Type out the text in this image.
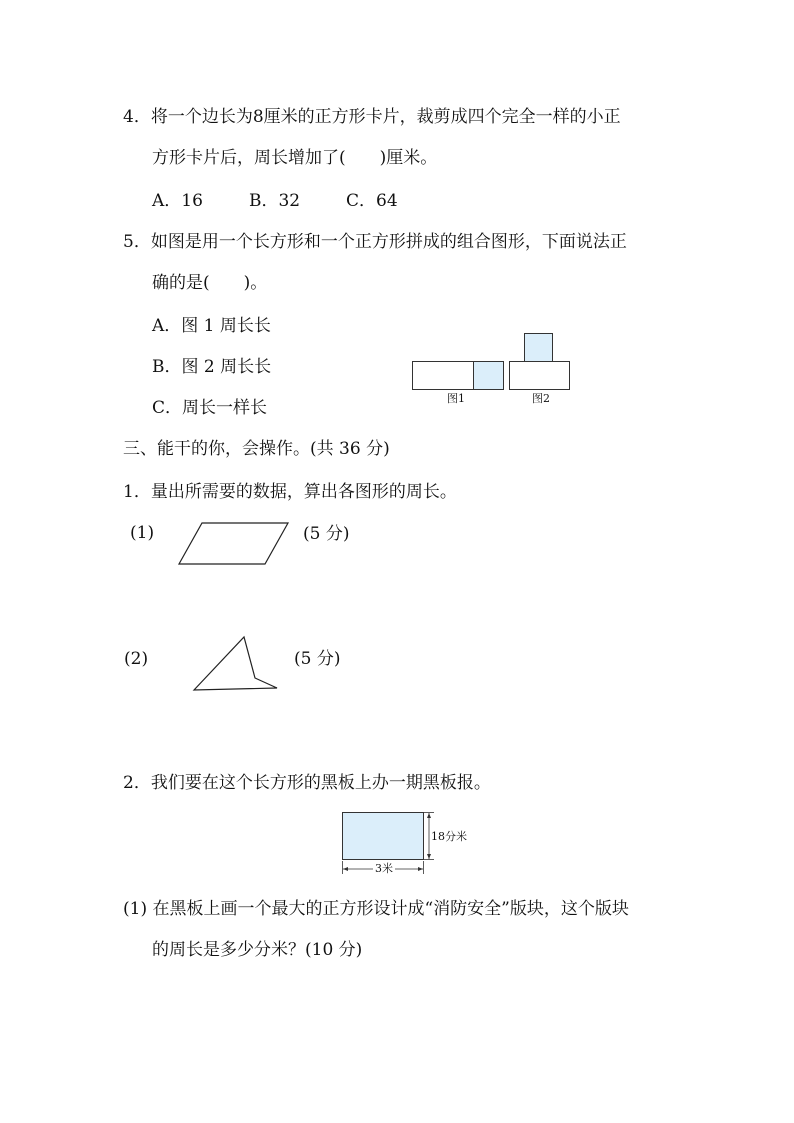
4．将一个边长为8厘米的正方形卡片，裁剪成四个完全一样的小正
方形卡片后，周长增加了(　　)厘米。
A．16	B．32	C．64
5．如图是用一个长方形和一个正方形拼成的组合图形，下面说法正
确的是(　　)。
A．图 1 周长长
B．图 2 周长长
C．周长一样长	图1	图2
三、能干的你，会操作。(共 36 分)
1．量出所需要的数据，算出各图形的周长。
(1)	(5 分)
(2)	(5 分)
2．我们要在这个长方形的黑板上办一期黑板报。
18分米
3米
(1) 在黑板上画一个最大的正方形设计成“消防安全”版块，这个版块
的周长是多少分米？(10 分)
